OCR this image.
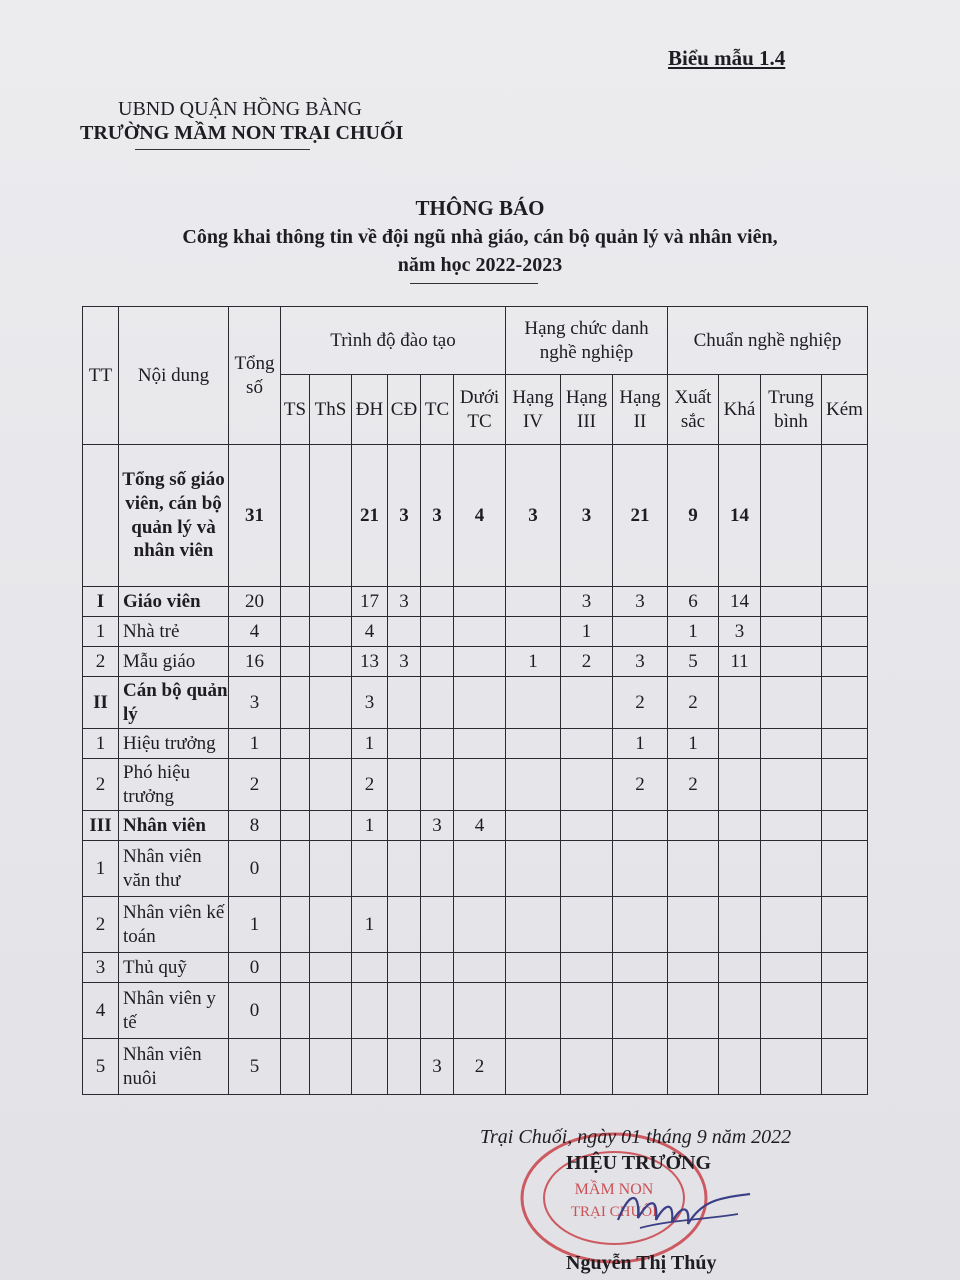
Biểu mẫu 1.4
UBND QUẬN HỒNG BÀNG
TRƯỜNG MẦM NON TRẠI CHUỐI
THÔNG BÁO
Công khai thông tin về đội ngũ nhà giáo, cán bộ quản lý và nhân viên,
năm học 2022-2023
TT	Nội dung	Tổng số	Trình độ đào tạo						Hạng chức danh nghề nghiệp			Chuẩn nghề nghiệp			
			TS	ThS	ĐH	CĐ	TC	Dưới TC	Hạng IV	Hạng III	Hạng II	Xuất sắc	Khá	Trung bình	Kém
	Tổng số giáo viên, cán bộ quản lý và nhân viên	31			21	3	3	4	3	3	21	9	14		
I	Giáo viên	20			17	3				3	3	6	14		
1	Nhà trẻ	4			4					1		1	3		
2	Mẫu giáo	16			13	3			1	2	3	5	11		
II	Cán bộ quản lý	3			3						2	2			
1	Hiệu trưởng	1			1						1	1			
2	Phó hiệu trưởng	2			2						2	2			
III	Nhân viên	8			1		3	4							
1	Nhân viên văn thư	0													
2	Nhân viên kế toán	1			1										
3	Thủ quỹ	0													
4	Nhân viên y tế	0													
5	Nhân viên nuôi	5					3	2							
MẦM NON
TRẠI CHUỐI
Trại Chuối, ngày 01 tháng 9 năm 2022
HIỆU TRƯỞNG
Nguyễn Thị Thúy
